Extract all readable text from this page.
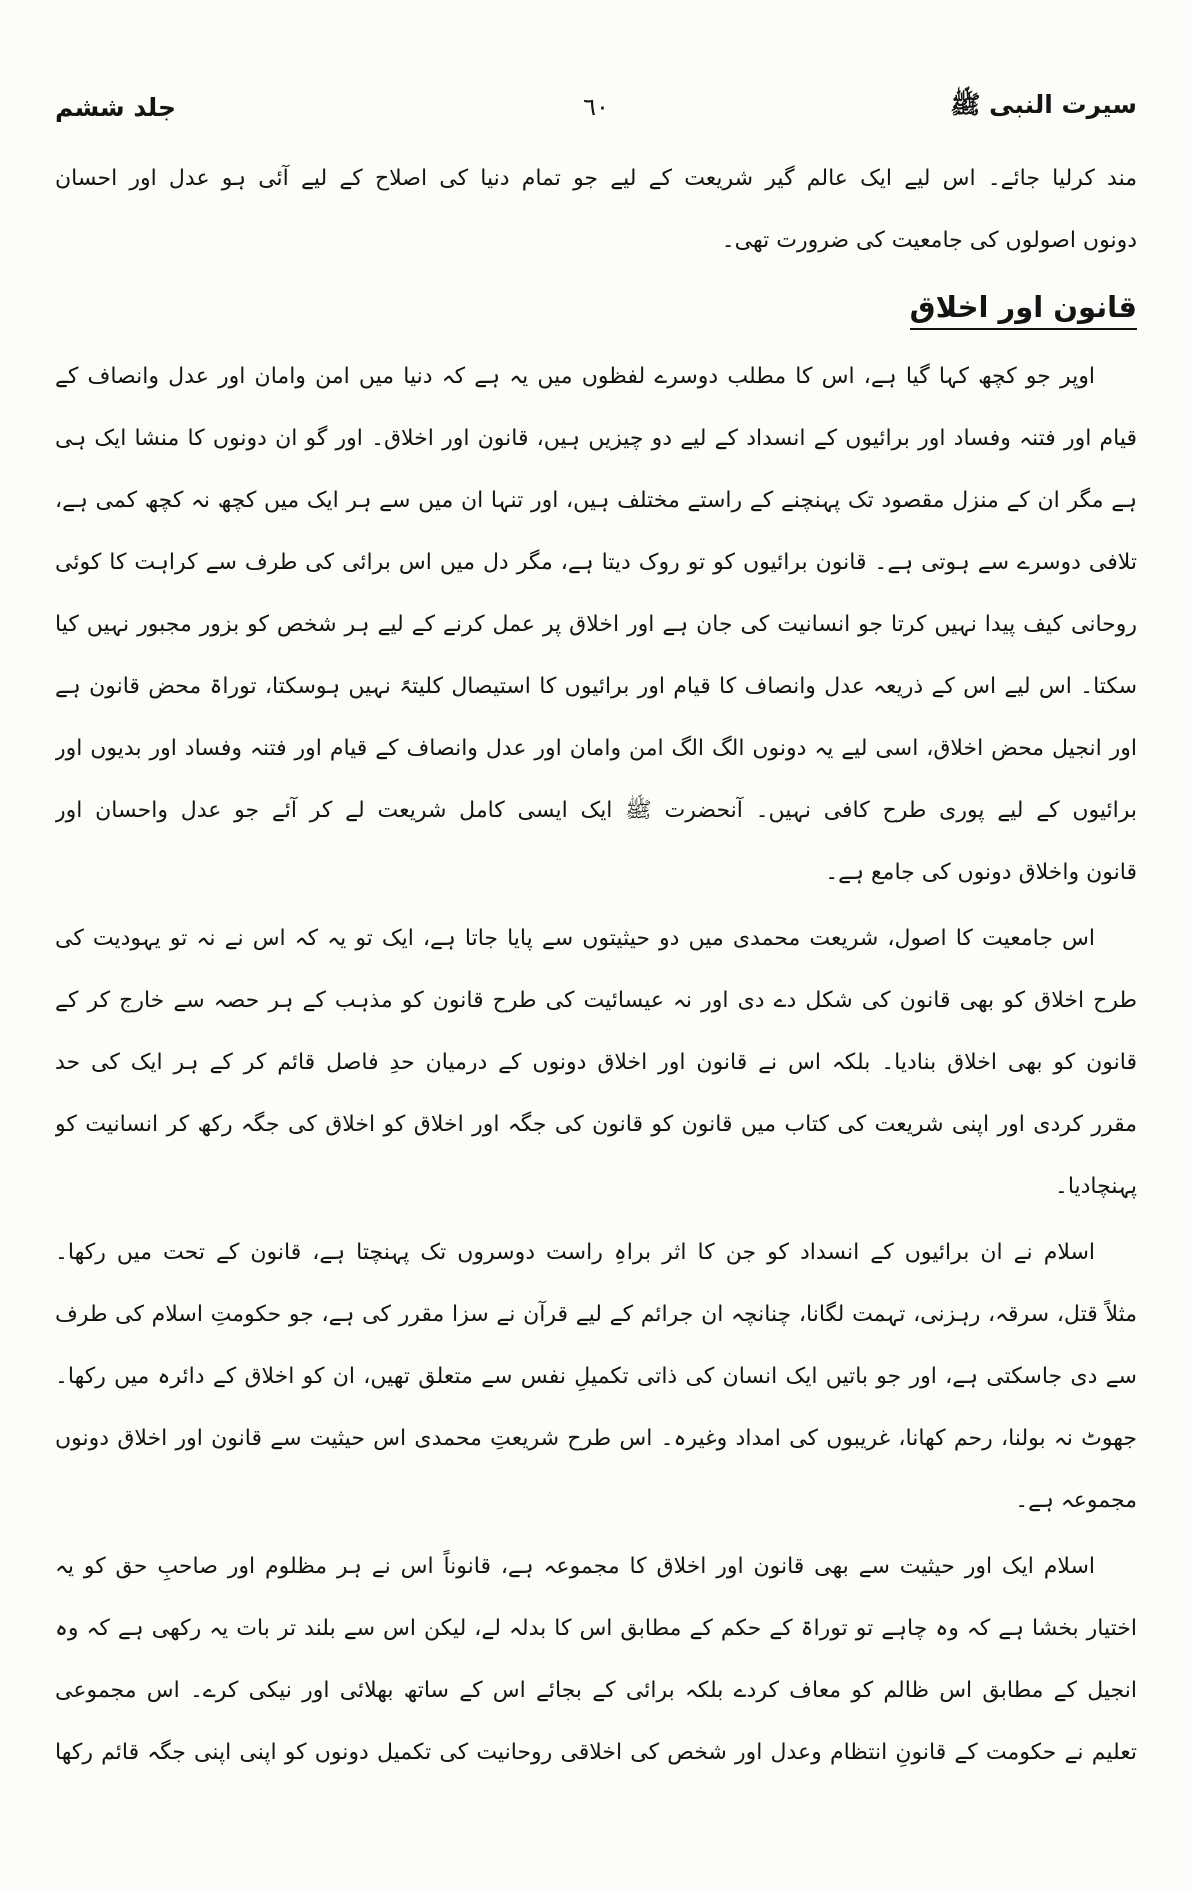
سیرت النبی ﷺ
٦٠
جلد ششم
مند کرلیا جائے۔ اس لیے ایک عالم گیر شریعت کے لیے جو تمام دنیا کی اصلاح کے لیے آئی ہو عدل اور احسان
دونوں اصولوں کی جامعیت کی ضرورت تھی۔
قانون اور اخلاق
اوپر جو کچھ کہا گیا ہے، اس کا مطلب دوسرے لفظوں میں یہ ہے کہ دنیا میں امن وامان اور عدل وانصاف کے
قیام اور فتنہ وفساد اور برائیوں کے انسداد کے لیے دو چیزیں ہیں، قانون اور اخلاق۔ اور گو ان دونوں کا منشا ایک ہی
ہے مگر ان کے منزل مقصود تک پہنچنے کے راستے مختلف ہیں، اور تنہا ان میں سے ہر ایک میں کچھ نہ کچھ کمی ہے،
تلافی دوسرے سے ہوتی ہے۔ قانون برائیوں کو تو روک دیتا ہے، مگر دل میں اس برائی کی طرف سے کراہت کا کوئی
روحانی کیف پیدا نہیں کرتا جو انسانیت کی جان ہے اور اخلاق پر عمل کرنے کے لیے ہر شخص کو بزور مجبور نہیں کیا
سکتا۔ اس لیے اس کے ذریعہ عدل وانصاف کا قیام اور برائیوں کا استیصال کلیتہً نہیں ہوسکتا، توراۃ محض قانون ہے
اور انجیل محض اخلاق، اسی لیے یہ دونوں الگ الگ امن وامان اور عدل وانصاف کے قیام اور فتنہ وفساد اور بدیوں اور
برائیوں کے لیے پوری طرح کافی نہیں۔ آنحضرت ﷺ ایک ایسی کامل شریعت لے کر آئے جو عدل واحسان اور
قانون واخلاق دونوں کی جامع ہے۔
اس جامعیت کا اصول، شریعت محمدی میں دو حیثیتوں سے پایا جاتا ہے، ایک تو یہ کہ اس نے نہ تو یہودیت کی
طرح اخلاق کو بھی قانون کی شکل دے دی اور نہ عیسائیت کی طرح قانون کو مذہب کے ہر حصہ سے خارج کر کے
قانون کو بھی اخلاق بنادیا۔ بلکہ اس نے قانون اور اخلاق دونوں کے درمیان حدِ فاصل قائم کر کے ہر ایک کی حد
مقرر کردی اور اپنی شریعت کی کتاب میں قانون کو قانون کی جگہ اور اخلاق کو اخلاق کی جگہ رکھ کر انسانیت کو
پہنچادیا۔
اسلام نے ان برائیوں کے انسداد کو جن کا اثر براہِ راست دوسروں تک پہنچتا ہے، قانون کے تحت میں رکھا۔
مثلاً قتل، سرقہ، رہزنی، تہمت لگانا، چنانچہ ان جرائم کے لیے قرآن نے سزا مقرر کی ہے، جو حکومتِ اسلام کی طرف
سے دی جاسکتی ہے، اور جو باتیں ایک انسان کی ذاتی تکمیلِ نفس سے متعلق تھیں، ان کو اخلاق کے دائرہ میں رکھا۔
جھوٹ نہ بولنا، رحم کھانا، غریبوں کی امداد وغیرہ۔ اس طرح شریعتِ محمدی اس حیثیت سے قانون اور اخلاق دونوں
مجموعہ ہے۔
اسلام ایک اور حیثیت سے بھی قانون اور اخلاق کا مجموعہ ہے، قانوناً اس نے ہر مظلوم اور صاحبِ حق کو یہ
اختیار بخشا ہے کہ وہ چاہے تو توراۃ کے حکم کے مطابق اس کا بدلہ لے، لیکن اس سے بلند تر بات یہ رکھی ہے کہ وہ
انجیل کے مطابق اس ظالم کو معاف کردے بلکہ برائی کے بجائے اس کے ساتھ بھلائی اور نیکی کرے۔ اس مجموعی
تعلیم نے حکومت کے قانونِ انتظام وعدل اور شخص کی اخلاقی روحانیت کی تکمیل دونوں کو اپنی اپنی جگہ قائم رکھا
